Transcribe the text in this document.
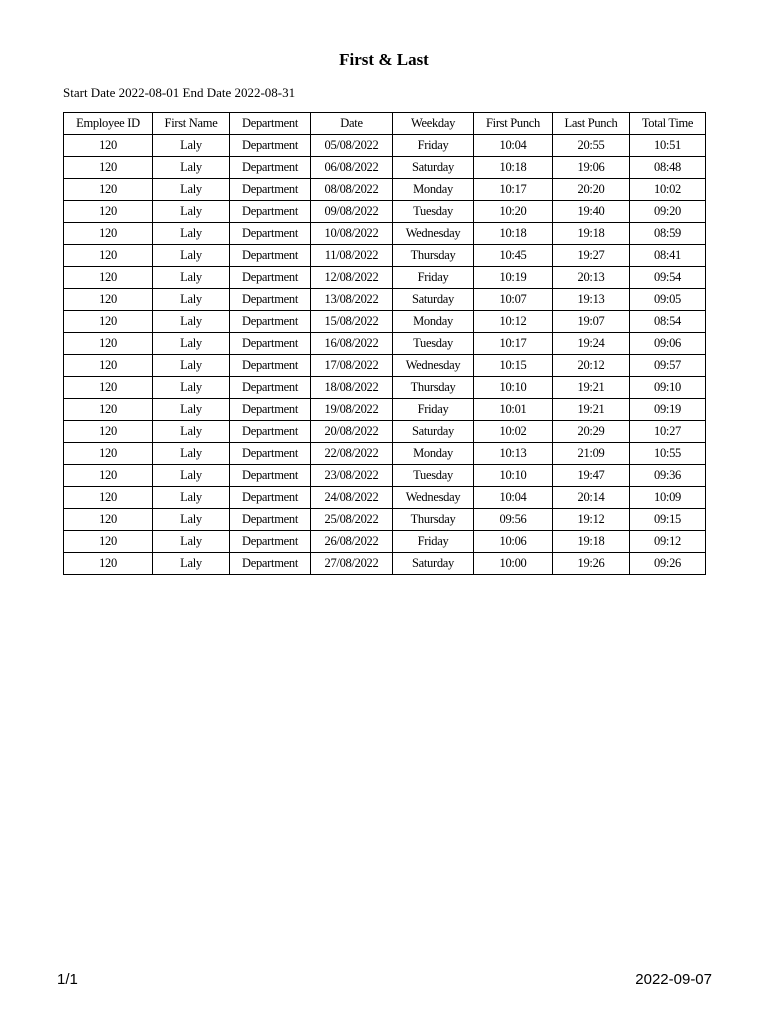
First & Last
Start Date 2022-08-01 End Date 2022-08-31
Employee ID	First Name	Department	Date	Weekday	First Punch	Last Punch	Total Time
120	Laly	Department	05/08/2022	Friday	10:04	20:55	10:51
120	Laly	Department	06/08/2022	Saturday	10:18	19:06	08:48
120	Laly	Department	08/08/2022	Monday	10:17	20:20	10:02
120	Laly	Department	09/08/2022	Tuesday	10:20	19:40	09:20
120	Laly	Department	10/08/2022	Wednesday	10:18	19:18	08:59
120	Laly	Department	11/08/2022	Thursday	10:45	19:27	08:41
120	Laly	Department	12/08/2022	Friday	10:19	20:13	09:54
120	Laly	Department	13/08/2022	Saturday	10:07	19:13	09:05
120	Laly	Department	15/08/2022	Monday	10:12	19:07	08:54
120	Laly	Department	16/08/2022	Tuesday	10:17	19:24	09:06
120	Laly	Department	17/08/2022	Wednesday	10:15	20:12	09:57
120	Laly	Department	18/08/2022	Thursday	10:10	19:21	09:10
120	Laly	Department	19/08/2022	Friday	10:01	19:21	09:19
120	Laly	Department	20/08/2022	Saturday	10:02	20:29	10:27
120	Laly	Department	22/08/2022	Monday	10:13	21:09	10:55
120	Laly	Department	23/08/2022	Tuesday	10:10	19:47	09:36
120	Laly	Department	24/08/2022	Wednesday	10:04	20:14	10:09
120	Laly	Department	25/08/2022	Thursday	09:56	19:12	09:15
120	Laly	Department	26/08/2022	Friday	10:06	19:18	09:12
120	Laly	Department	27/08/2022	Saturday	10:00	19:26	09:26
1/1	2022-09-07
